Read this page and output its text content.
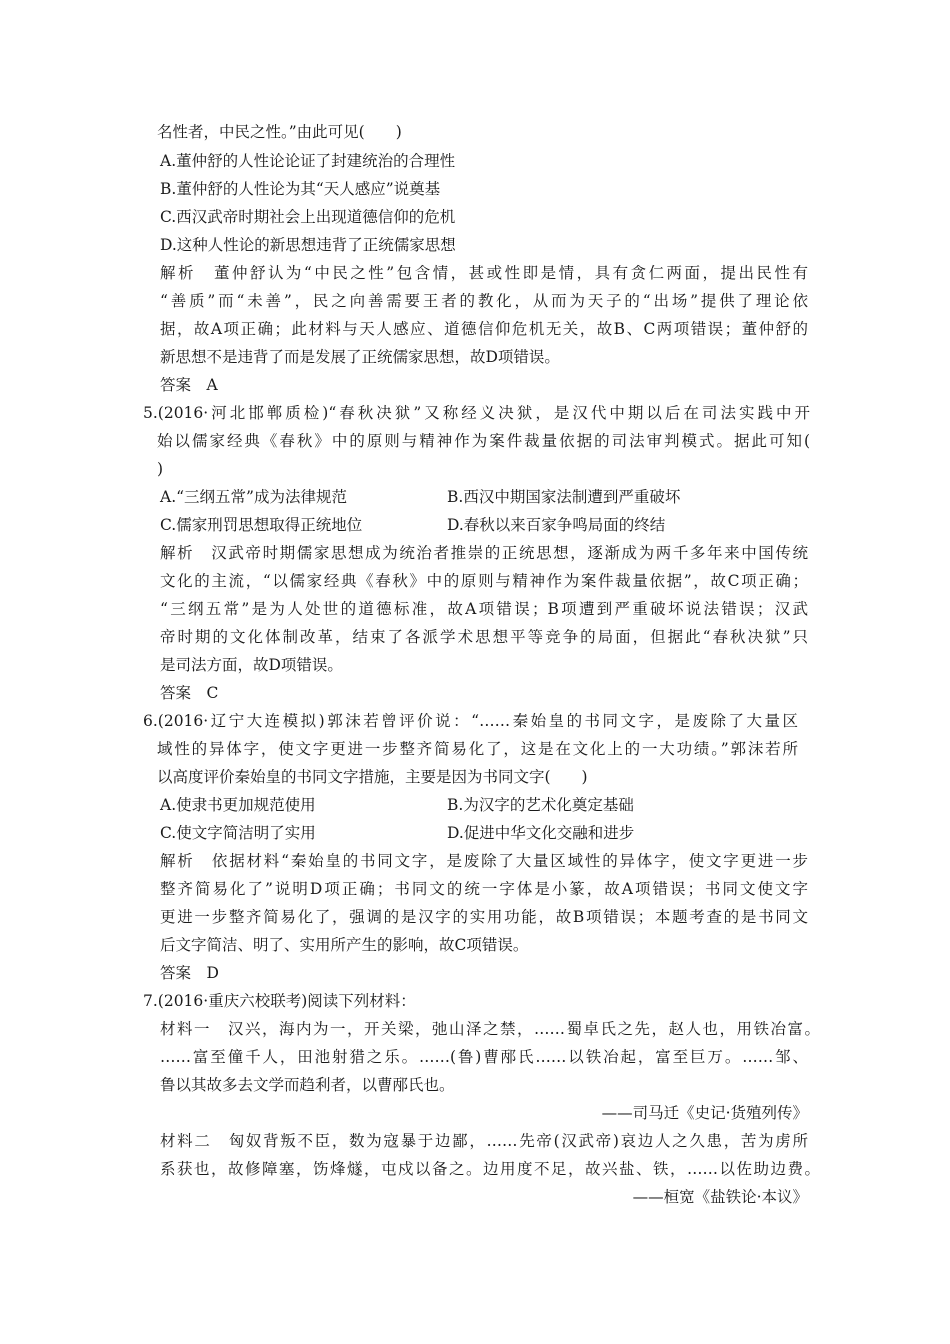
名性者，中民之性。”由此可见(　　)
A.董仲舒的人性论论证了封建统治的合理性
B.董仲舒的人性论为其“天人感应”说奠基
C.西汉武帝时期社会上出现道德信仰的危机
D.这种人性论的新思想违背了正统儒家思想
解析　董仲舒认为“中民之性”包含情，甚或性即是情，具有贪仁两面，提出民性有
“善质”而“未善”，民之向善需要王者的教化，从而为天子的“出场”提供了理论依
据，故A项正确；此材料与天人感应、道德信仰危机无关，故B、C两项错误；董仲舒的
新思想不是违背了而是发展了正统儒家思想，故D项错误。
答案　A
5.(2016·河北邯郸质检)“春秋决狱”又称经义决狱，是汉代中期以后在司法实践中开
始以儒家经典《春秋》中的原则与精神作为案件裁量依据的司法审判模式。据此可知(
)
A.“三纲五常”成为法律规范	B.西汉中期国家法制遭到严重破坏
C.儒家刑罚思想取得正统地位	D.春秋以来百家争鸣局面的终结
解析　汉武帝时期儒家思想成为统治者推崇的正统思想，逐渐成为两千多年来中国传统
文化的主流，“以儒家经典《春秋》中的原则与精神作为案件裁量依据”，故C项正确；
“三纲五常”是为人处世的道德标准，故A项错误；B项遭到严重破坏说法错误；汉武
帝时期的文化体制改革，结束了各派学术思想平等竞争的局面，但据此“春秋决狱”只
是司法方面，故D项错误。
答案　C
6.(2016·辽宁大连模拟)郭沫若曾评价说：“……秦始皇的书同文字，是废除了大量区
域性的异体字，使文字更进一步整齐简易化了，这是在文化上的一大功绩。”郭沫若所
以高度评价秦始皇的书同文字措施，主要是因为书同文字(　　)
A.使隶书更加规范使用	B.为汉字的艺术化奠定基础
C.使文字简洁明了实用	D.促进中华文化交融和进步
解析　依据材料“秦始皇的书同文字，是废除了大量区域性的异体字，使文字更进一步
整齐简易化了”说明D项正确；书同文的统一字体是小篆，故A项错误；书同文使文字
更进一步整齐简易化了，强调的是汉字的实用功能，故B项错误；本题考查的是书同文
后文字简洁、明了、实用所产生的影响，故C项错误。
答案　D
7.(2016·重庆六校联考)阅读下列材料：
材料一　汉兴，海内为一，开关梁，弛山泽之禁，……蜀卓氏之先，赵人也，用铁冶富。
……富至僮千人，田池射猎之乐。……(鲁)曹邴氏……以铁冶起，富至巨万。……邹、
鲁以其故多去文学而趋利者，以曹邴氏也。
——司马迁《史记·货殖列传》
材料二　匈奴背叛不臣，数为寇暴于边鄙，……先帝(汉武帝)哀边人之久患，苦为虏所
系获也，故修障塞，饬烽燧，屯戍以备之。边用度不足，故兴盐、铁，……以佐助边费。
——桓宽《盐铁论·本议》
